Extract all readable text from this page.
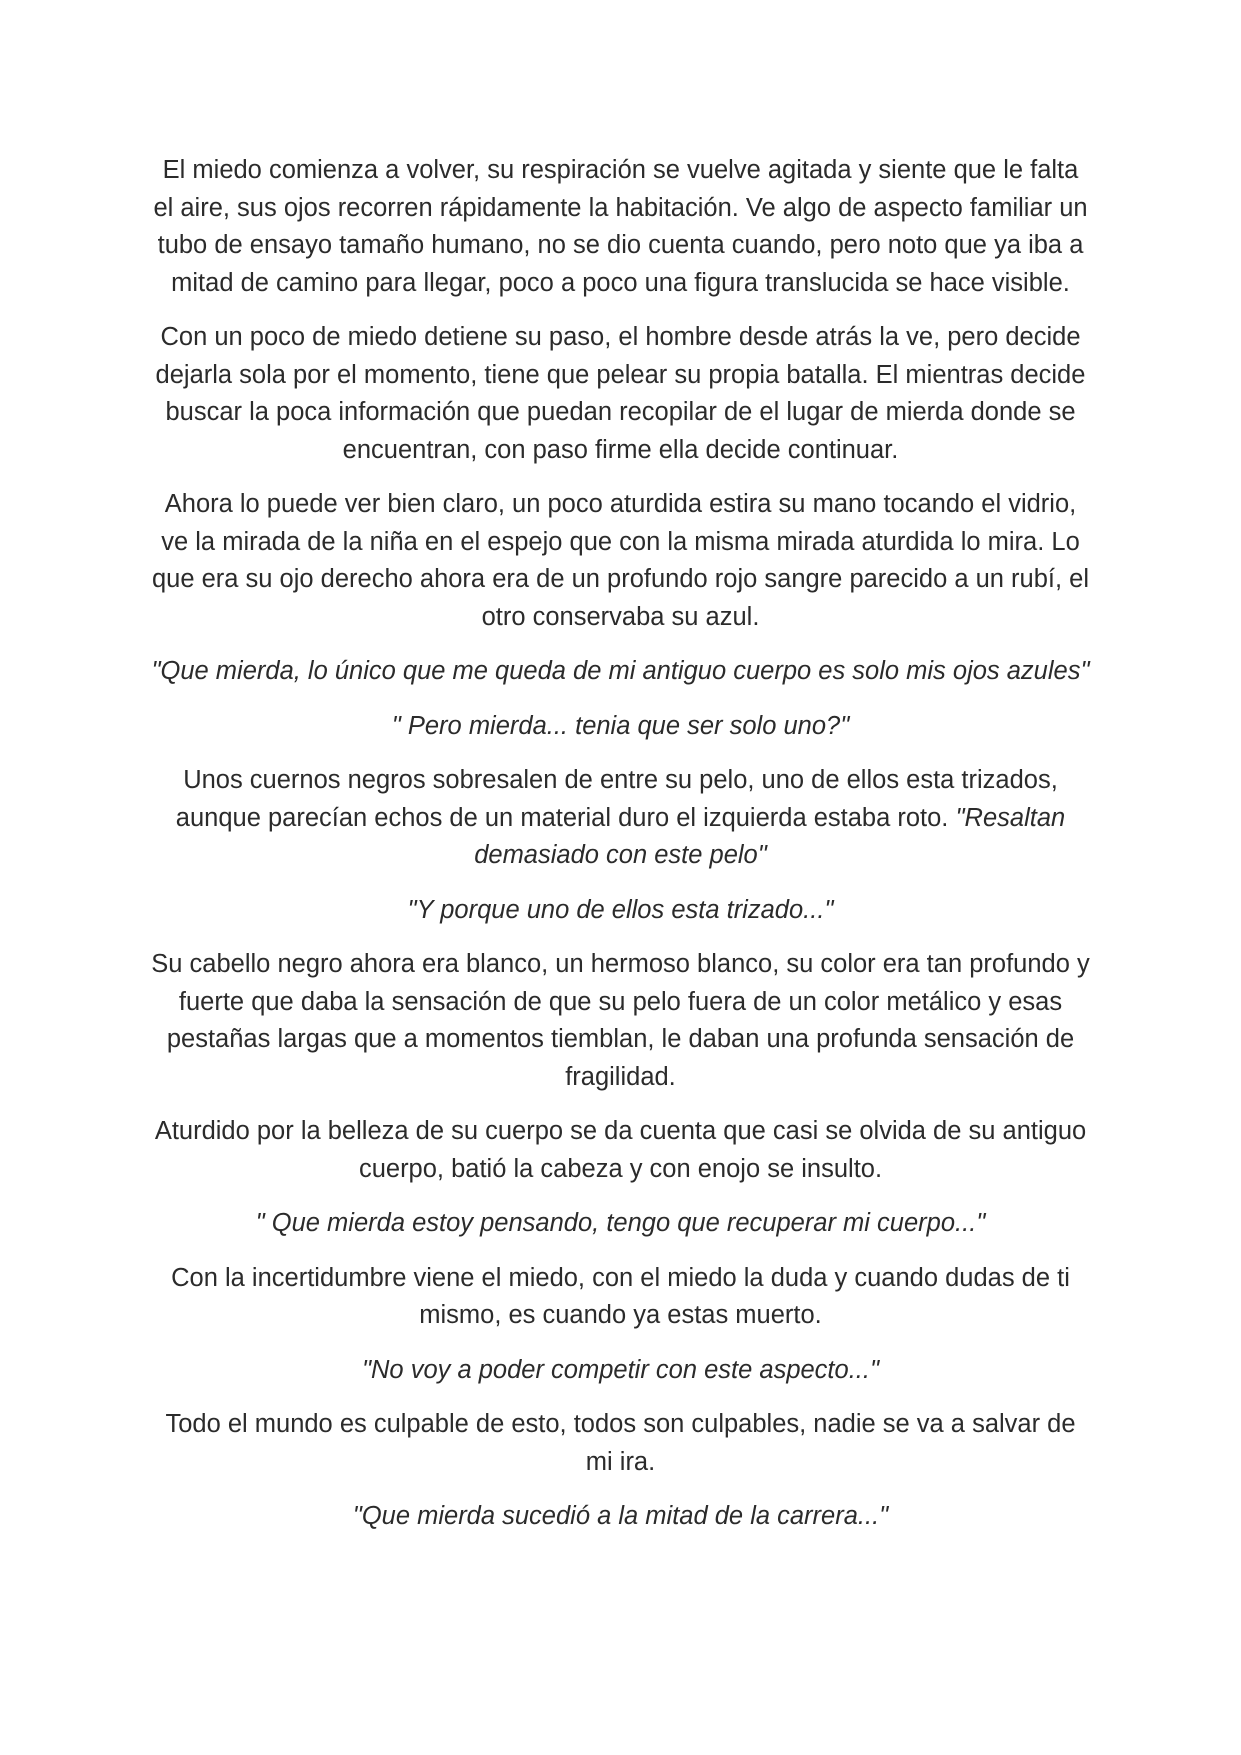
El miedo comienza a volver, su respiración se vuelve agitada y siente que le falta el aire, sus ojos recorren rápidamente la habitación. Ve algo de aspecto familiar un tubo de ensayo tamaño humano, no se dio cuenta cuando, pero noto que ya iba a mitad de camino para llegar, poco a poco una figura translucida se hace visible.

Con un poco de miedo detiene su paso, el hombre desde atrás la ve, pero decide dejarla sola por el momento, tiene que pelear su propia batalla. El mientras decide buscar la poca información que puedan recopilar de el lugar de mierda donde se encuentran, con paso firme ella decide continuar.

Ahora lo puede ver bien claro, un poco aturdida estira su mano tocando el vidrio, ve la mirada de la niña en el espejo que con la misma mirada aturdida lo mira. Lo que era su ojo derecho ahora era de un profundo rojo sangre parecido a un rubí, el otro conservaba su azul.

"Que mierda, lo único que me queda de mi antiguo cuerpo es solo mis ojos azules"

" Pero mierda... tenia que ser solo uno?"

Unos cuernos negros sobresalen de entre su pelo, uno de ellos esta trizados, aunque parecían echos de un material duro el izquierda estaba roto. "Resaltan demasiado con este pelo"

"Y porque uno de ellos esta trizado..."

Su cabello negro ahora era blanco, un hermoso blanco, su color era tan profundo y fuerte que daba la sensación de que su pelo fuera de un color metálico y esas pestañas largas que a momentos tiemblan, le daban una profunda sensación de fragilidad.

Aturdido por la belleza de su cuerpo se da cuenta que casi se olvida de su antiguo cuerpo, batió la cabeza y con enojo se insulto.

" Que mierda estoy pensando, tengo que recuperar mi cuerpo..."

Con la incertidumbre viene el miedo, con el miedo la duda y cuando dudas de ti mismo, es cuando ya estas muerto.

"No voy a poder competir con este aspecto..."

Todo el mundo es culpable de esto, todos son culpables, nadie se va a salvar de mi ira.

"Que mierda sucedió a la mitad de la carrera..."
